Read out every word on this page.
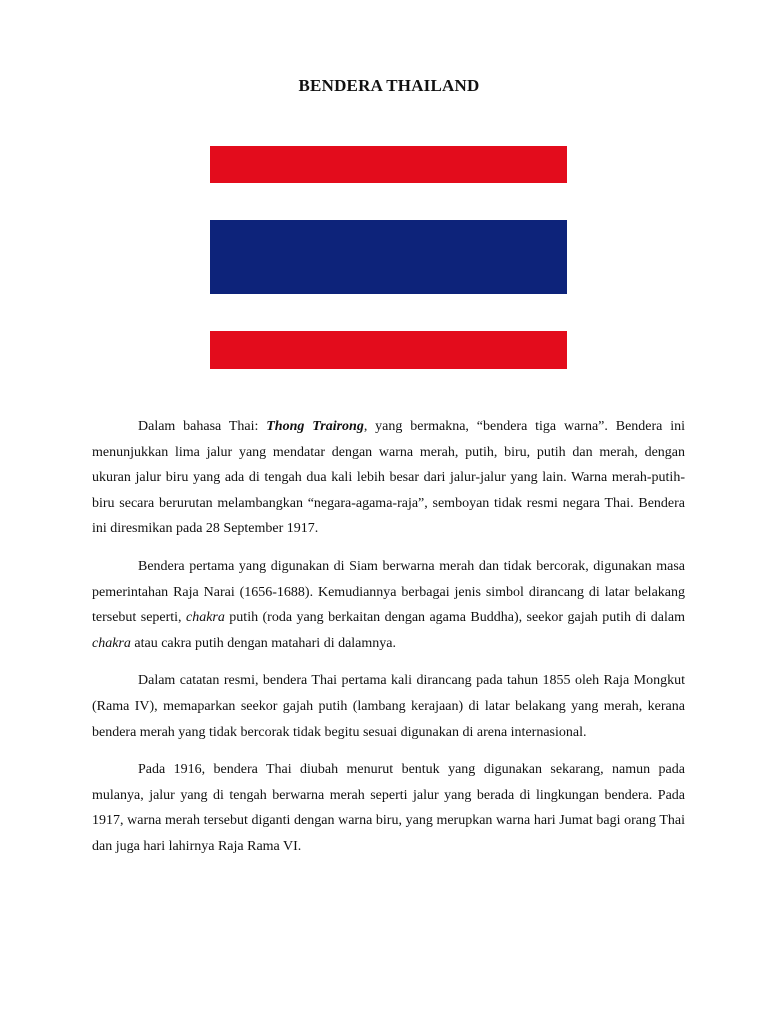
BENDERA THAILAND

Dalam bahasa Thai: Thong Trairong, yang bermakna, “bendera tiga warna”. Bendera ini menunjukkan lima jalur yang mendatar dengan warna merah, putih, biru, putih dan merah, dengan ukuran jalur biru yang ada di tengah dua kali lebih besar dari jalur-jalur yang lain. Warna merah-putih-biru secara berurutan melambangkan “negara-agama-raja”, semboyan tidak resmi negara Thai. Bendera ini diresmikan pada 28 September 1917.

Bendera pertama yang digunakan di Siam berwarna merah dan tidak bercorak, digunakan masa pemerintahan Raja Narai (1656-1688). Kemudiannya berbagai jenis simbol dirancang di latar belakang tersebut seperti, chakra putih (roda yang berkaitan dengan agama Buddha), seekor gajah putih di dalam chakra atau cakra putih dengan matahari di dalamnya.

Dalam catatan resmi, bendera Thai pertama kali dirancang pada tahun 1855 oleh Raja Mongkut (Rama IV), memaparkan seekor gajah putih (lambang kerajaan) di latar belakang yang merah, kerana bendera merah yang tidak bercorak tidak begitu sesuai digunakan di arena internasional.

Pada 1916, bendera Thai diubah menurut bentuk yang digunakan sekarang, namun pada mulanya, jalur yang di tengah berwarna merah seperti jalur yang berada di lingkungan bendera. Pada 1917, warna merah tersebut diganti dengan warna biru, yang merupkan warna hari Jumat bagi orang Thai dan juga hari lahirnya Raja Rama VI.
